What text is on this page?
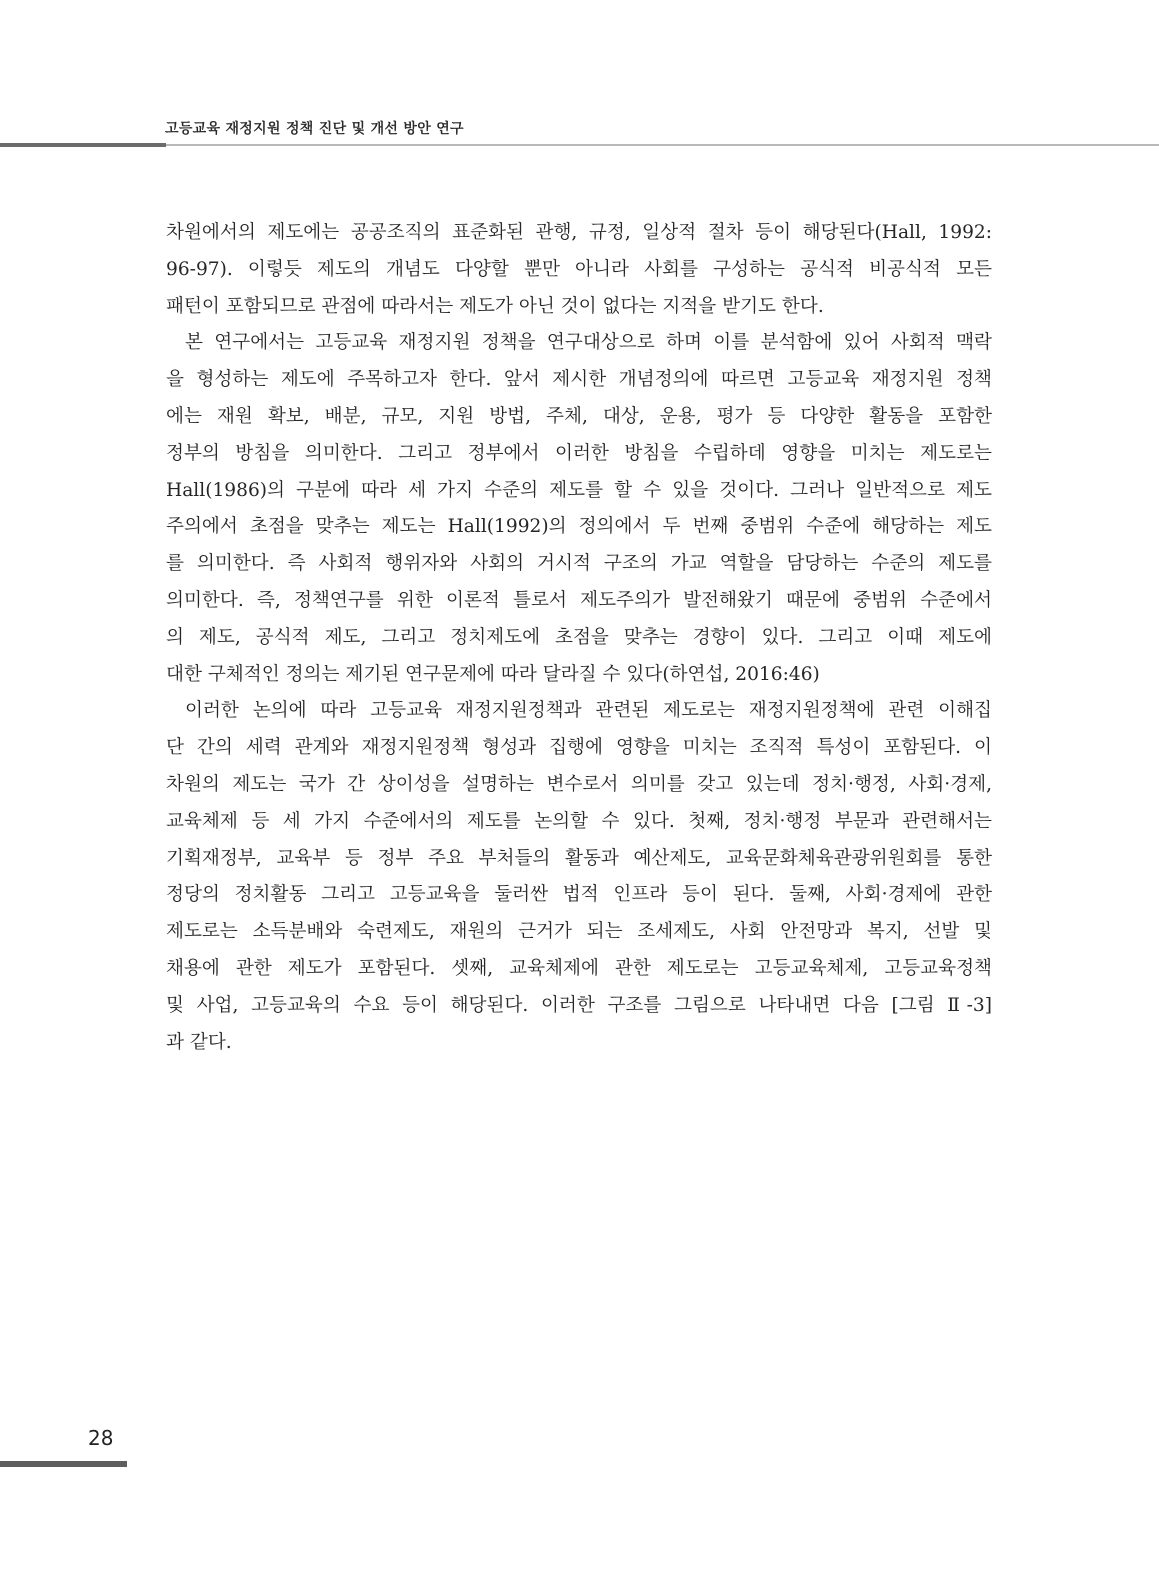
고등교육 재정지원 정책 진단 및 개선 방안 연구
차원에서의 제도에는 공공조직의 표준화된 관행, 규정, 일상적 절차 등이 해당된다(Hall, 1992:
96-97). 이렇듯 제도의 개념도 다양할 뿐만 아니라 사회를 구성하는 공식적 비공식적 모든
패턴이 포함되므로 관점에 따라서는 제도가 아닌 것이 없다는 지적을 받기도 한다.
본 연구에서는 고등교육 재정지원 정책을 연구대상으로 하며 이를 분석함에 있어 사회적 맥락
을 형성하는 제도에 주목하고자 한다. 앞서 제시한 개념정의에 따르면 고등교육 재정지원 정책
에는 재원 확보, 배분, 규모, 지원 방법, 주체, 대상, 운용, 평가 등 다양한 활동을 포함한
정부의 방침을 의미한다. 그리고 정부에서 이러한 방침을 수립하데 영향을 미치는 제도로는
Hall(1986)의 구분에 따라 세 가지 수준의 제도를 할 수 있을 것이다. 그러나 일반적으로 제도
주의에서 초점을 맞추는 제도는 Hall(1992)의 정의에서 두 번째 중범위 수준에 해당하는 제도
를 의미한다. 즉 사회적 행위자와 사회의 거시적 구조의 가교 역할을 담당하는 수준의 제도를
의미한다. 즉, 정책연구를 위한 이론적 틀로서 제도주의가 발전해왔기 때문에 중범위 수준에서
의 제도, 공식적 제도, 그리고 정치제도에 초점을 맞추는 경향이 있다. 그리고 이때 제도에
대한 구체적인 정의는 제기된 연구문제에 따라 달라질 수 있다(하연섭, 2016:46)
이러한 논의에 따라 고등교육 재정지원정책과 관련된 제도로는 재정지원정책에 관련 이해집
단 간의 세력 관계와 재정지원정책 형성과 집행에 영향을 미치는 조직적 특성이 포함된다. 이
차원의 제도는 국가 간 상이성을 설명하는 변수로서 의미를 갖고 있는데 정치·행정, 사회·경제,
교육체제 등 세 가지 수준에서의 제도를 논의할 수 있다. 첫째, 정치·행정 부문과 관련해서는
기획재정부, 교육부 등 정부 주요 부처들의 활동과 예산제도, 교육문화체육관광위원회를 통한
정당의 정치활동 그리고 고등교육을 둘러싼 법적 인프라 등이 된다. 둘째, 사회·경제에 관한
제도로는 소득분배와 숙련제도, 재원의 근거가 되는 조세제도, 사회 안전망과 복지, 선발 및
채용에 관한 제도가 포함된다. 셋째, 교육체제에 관한 제도로는 고등교육체제, 고등교육정책
및 사업, 고등교육의 수요 등이 해당된다. 이러한 구조를 그림으로 나타내면 다음 [그림 Ⅱ-3]
과 같다.
28
